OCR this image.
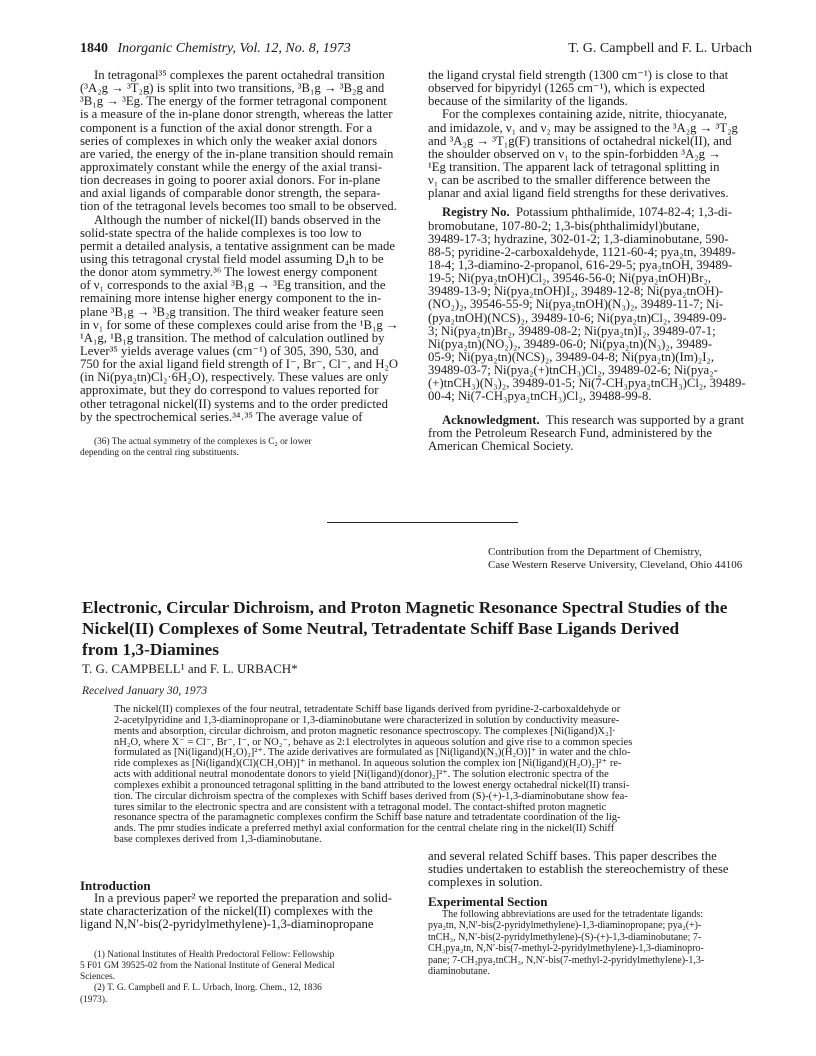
1840 Inorganic Chemistry, Vol. 12, No. 8, 1973	T. G. Campbell and F. L. Urbach
In tetragonal³⁵ complexes the parent octahedral transition
(³A₂g → ³T₂g) is split into two transitions, ³B₁g → ³B₂g and
³B₁g → ³Eg. The energy of the former tetragonal component
is a measure of the in-plane donor strength, whereas the latter
component is a function of the axial donor strength. For a
series of complexes in which only the weaker axial donors
are varied, the energy of the in-plane transition should remain
approximately constant while the energy of the axial transi-
tion decreases in going to poorer axial donors. For in-plane
and axial ligands of comparable donor strength, the separa-
tion of the tetragonal levels becomes too small to be observed.
Although the number of nickel(II) bands observed in the
solid-state spectra of the halide complexes is too low to
permit a detailed analysis, a tentative assignment can be made
using this tetragonal crystal field model assuming D₄h to be
the donor atom symmetry.³⁶ The lowest energy component
of ν₁ corresponds to the axial ³B₁g → ³Eg transition, and the
remaining more intense higher energy component to the in-
plane ³B₁g → ³B₂g transition. The third weaker feature seen
in ν₁ for some of these complexes could arise from the ¹B₁g →
¹A₁g, ¹B₁g transition. The method of calculation outlined by
Lever³⁵ yields average values (cm⁻¹) of 305, 390, 530, and
750 for the axial ligand field strength of I⁻, Br⁻, Cl⁻, and H₂O
(in Ni(pya₂tn)Cl₂·6H₂O), respectively. These values are only
approximate, but they do correspond to values reported for
other tetragonal nickel(II) systems and to the order predicted
by the spectrochemical series.³⁴˒³⁵ The average value of
(36) The actual symmetry of the complexes is C₂ or lower
depending on the central ring substituents.
the ligand crystal field strength (1300 cm⁻¹) is close to that
observed for bipyridyl (1265 cm⁻¹), which is expected
because of the similarity of the ligands.
For the complexes containing azide, nitrite, thiocyanate,
and imidazole, ν₁ and ν₂ may be assigned to the ³A₂g → ³T₂g
and ³A₂g → ³T₁g(F) transitions of octahedral nickel(II), and
the shoulder observed on ν₁ to the spin-forbidden ³A₂g →
¹Eg transition. The apparent lack of tetragonal splitting in
ν₁ can be ascribed to the smaller difference between the
planar and axial ligand field strengths for these derivatives.
Registry No. Potassium phthalimide, 1074-82-4; 1,3-di-
bromobutane, 107-80-2; 1,3-bis(phthalimidyl)butane,
39489-17-3; hydrazine, 302-01-2; 1,3-diaminobutane, 590-
88-5; pyridine-2-carboxaldehyde, 1121-60-4; pya₂tn, 39489-
18-4; 1,3-diamino-2-propanol, 616-29-5; pya₂tnOH, 39489-
19-5; Ni(pya₂tnOH)Cl₂, 39546-56-0; Ni(pya₂tnOH)Br₂,
39489-13-9; Ni(pya₂tnOH)I₂, 39489-12-8; Ni(pya₂tnOH)-
(NO₂)₂, 39546-55-9; Ni(pya₂tnOH)(N₃)₂, 39489-11-7; Ni-
(pya₂tnOH)(NCS)₂, 39489-10-6; Ni(pya₂tn)Cl₂, 39489-09-
3; Ni(pya₂tn)Br₂, 39489-08-2; Ni(pya₂tn)I₂, 39489-07-1;
Ni(pya₂tn)(NO₂)₂, 39489-06-0; Ni(pya₂tn)(N₃)₂, 39489-
05-9; Ni(pya₂tn)(NCS)₂, 39489-04-8; Ni(pya₂tn)(Im)₂I₂,
39489-03-7; Ni(pya₂(+)tnCH₃)Cl₂, 39489-02-6; Ni(pya₂-
(+)tnCH₃)(N₃)₂, 39489-01-5; Ni(7-CH₃pya₂tnCH₃)Cl₂, 39489-
00-4; Ni(7-CH₃pya₂tnCH₃)Cl₂, 39488-99-8.
Acknowledgment. This research was supported by a grant
from the Petroleum Research Fund, administered by the
American Chemical Society.
Contribution from the Department of Chemistry,
Case Western Reserve University, Cleveland, Ohio 44106
Electronic, Circular Dichroism, and Proton Magnetic Resonance Spectral Studies of the
Nickel(II) Complexes of Some Neutral, Tetradentate Schiff Base Ligands Derived
from 1,3-Diamines
T. G. CAMPBELL¹ and F. L. URBACH*
Received January 30, 1973
The nickel(II) complexes of the four neutral, tetradentate Schiff base ligands derived from pyridine-2-carboxaldehyde or
2-acetylpyridine and 1,3-diaminopropane or 1,3-diaminobutane were characterized in solution by conductivity measure-
ments and absorption, circular dichroism, and proton magnetic resonance spectroscopy. The complexes [Ni(ligand)X₂]·
nH₂O, where X⁻ = Cl⁻, Br⁻, I⁻, or NO₂⁻, behave as 2:1 electrolytes in aqueous solution and give rise to a common species
formulated as [Ni(ligand)(H₂O)₂]²⁺. The azide derivatives are formulated as [Ni(ligand)(N₃)(H₂O)]⁺ in water and the chlo-
ride complexes as [Ni(ligand)(Cl)(CH₃OH)]⁺ in methanol. In aqueous solution the complex ion [Ni(ligand)(H₂O)₂]²⁺ re-
acts with additional neutral monodentate donors to yield [Ni(ligand)(donor)₂]²⁺. The solution electronic spectra of the
complexes exhibit a pronounced tetragonal splitting in the band attributed to the lowest energy octahedral nickel(II) transi-
tion. The circular dichroism spectra of the complexes with Schiff bases derived from (S)-(+)-1,3-diaminobutane show fea-
tures similar to the electronic spectra and are consistent with a tetragonal model. The contact-shifted proton magnetic
resonance spectra of the paramagnetic complexes confirm the Schiff base nature and tetradentate coordination of the lig-
ands. The pmr studies indicate a preferred methyl axial conformation for the central chelate ring in the nickel(II) Schiff
base complexes derived from 1,3-diaminobutane.
Introduction
In a previous paper² we reported the preparation and solid-
state characterization of the nickel(II) complexes with the
ligand N,N′-bis(2-pyridylmethylene)-1,3-diaminopropane
(1) National Institutes of Health Predoctoral Fellow: Fellowship
5 F01 GM 39525-02 from the National Institute of General Medical
Sciences.
(2) T. G. Campbell and F. L. Urbach, Inorg. Chem., 12, 1836
(1973).
and several related Schiff bases. This paper describes the
studies undertaken to establish the stereochemistry of these
complexes in solution.
Experimental Section
The following abbreviations are used for the tetradentate ligands:
pya₂tn, N,N′-bis(2-pyridylmethylene)-1,3-diaminopropane; pya₂(+)-
tnCH₃, N,N′-bis(2-pyridylmethylene)-(S)-(+)-1,3-diaminobutane; 7-
CH₃pya₂tn, N,N′-bis(7-methyl-2-pyridylmethylene)-1,3-diaminopro-
pane; 7-CH₃pya₂tnCH₃, N,N′-bis(7-methyl-2-pyridylmethylene)-1,3-
diaminobutane.
